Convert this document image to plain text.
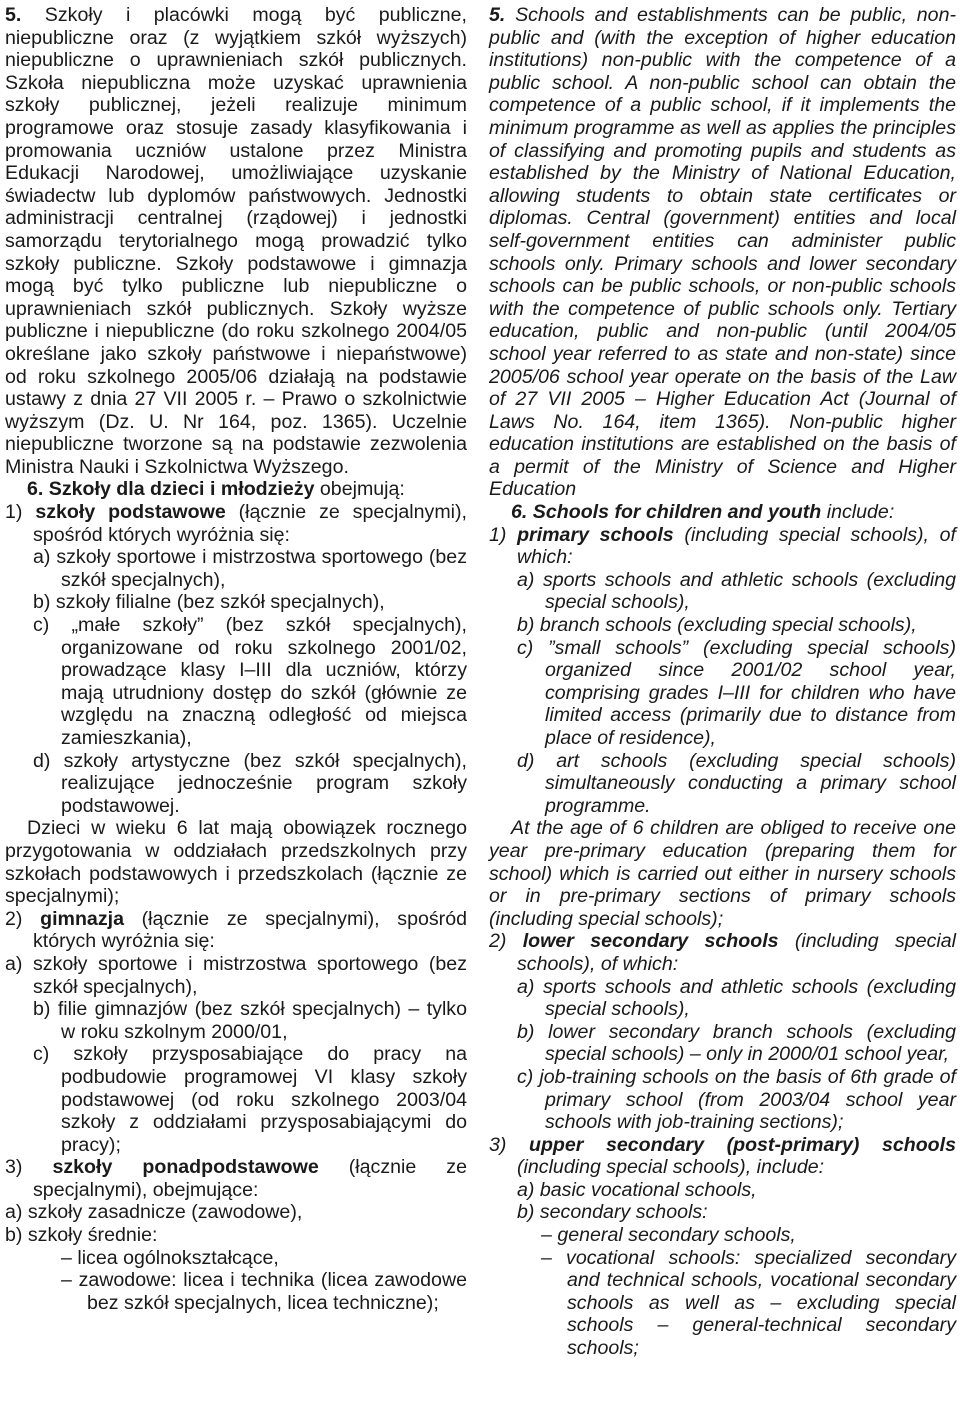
5. Szkoły i placówki mogą być publiczne, niepubliczne oraz (z wyjątkiem szkół wyższych) niepubliczne o uprawnieniach szkół publicznych. Szkoła niepubliczna może uzyskać uprawnienia szkoły publicznej, jeżeli realizuje minimum programowe oraz stosuje zasady klasyfikowania i promowania uczniów ustalone przez Ministra Edukacji Narodowej, umożliwiające uzyskanie świadectw lub dyplomów państwowych. Jednostki administracji centralnej (rządowej) i jednostki samorządu terytorialnego mogą prowadzić tylko szkoły publiczne. Szkoły podstawowe i gimnazja mogą być tylko publiczne lub niepubliczne o uprawnieniach szkół publicznych. Szkoły wyższe publiczne i niepubliczne (do roku szkolnego 2004/05 określane jako szkoły państwowe i niepaństwowe) od roku szkolnego 2005/06 działają na podstawie ustawy z dnia 27 VII 2005 r. – Prawo o szkolnictwie wyższym (Dz. U. Nr 164, poz. 1365). Uczelnie niepubliczne tworzone są na podstawie zezwolenia Ministra Nauki i Szkolnictwa Wyższego.

6. Szkoły dla dzieci i młodzieży obejmują:

1) szkoły podstawowe (łącznie ze specjalnymi), spośród których wyróżnia się:

a) szkoły sportowe i mistrzostwa sportowego (bez szkół specjalnych),

b) szkoły filialne (bez szkół specjalnych),

c) „małe szkoły” (bez szkół specjalnych), organizowane od roku szkolnego 2001/02, prowadzące klasy I–III dla uczniów, którzy mają utrudniony dostęp do szkół (głównie ze względu na znaczną odległość od miejsca zamieszkania),

d) szkoły artystyczne (bez szkół specjalnych), realizujące jednocześnie program szkoły podstawowej.

Dzieci w wieku 6 lat mają obowiązek rocznego przygotowania w oddziałach przedszkolnych przy szkołach podstawowych i przedszkolach (łącznie ze specjalnymi);

2) gimnazja (łącznie ze specjalnymi), spośród których wyróżnia się:

a) szkoły sportowe i mistrzostwa sportowego (bez szkół specjalnych),

b) filie gimnazjów (bez szkół specjalnych) – tylko w roku szkolnym 2000/01,

c) szkoły przysposabiające do pracy na podbudowie programowej VI klasy szkoły podstawowej (od roku szkolnego 2003/04 szkoły z oddziałami przysposabiającymi do pracy);

3) szkoły ponadpodstawowe (łącznie ze specjalnymi), obejmujące:

a) szkoły zasadnicze (zawodowe),

b) szkoły średnie:

– licea ogólnokształcące,

– zawodowe: licea i technika (licea zawodowe bez szkół specjalnych, licea techniczne);

5. Schools and establishments can be public, non-public and (with the exception of higher education institutions) non-public with the competence of a public school. A non-public school can obtain the competence of a public school, if it implements the minimum programme as well as applies the principles of classifying and promoting pupils and students as established by the Ministry of National Education, allowing students to obtain state certificates or diplomas. Central (government) entities and local self-government entities can administer public schools only. Primary schools and lower secondary schools can be public schools, or non-public schools with the competence of public schools only. Tertiary education, public and non-public (until 2004/05 school year referred to as state and non-state) since 2005/06 school year operate on the basis of the Law of 27 VII 2005 – Higher Education Act (Journal of Laws No. 164, item 1365). Non-public higher education institutions are established on the basis of a permit of the Ministry of Science and Higher Education

6. Schools for children and youth include:

1) primary schools (including special schools), of which:

a) sports schools and athletic schools (excluding special schools),

b) branch schools (excluding special schools),

c) ”small schools” (excluding special schools) organized since 2001/02 school year, comprising grades I–III for children who have limited access (primarily due to distance from place of residence),

d) art schools (excluding special schools) simultaneously conducting a primary school programme.

At the age of 6 children are obliged to receive one year pre-primary education (preparing them for school) which is carried out either in nursery schools or in pre-primary sections of primary schools (including special schools);

2) lower secondary schools (including special schools), of which:

a) sports schools and athletic schools (excluding special schools),

b) lower secondary branch schools (excluding special schools) – only in 2000/01 school year,

c) job-training schools on the basis of 6th grade of primary school (from 2003/04 school year schools with job-training sections);

3) upper secondary (post-primary) schools (including special schools), include:

a) basic vocational schools,

b) secondary schools:

– general secondary schools,

– vocational schools: specialized secondary and technical schools, vocational secondary schools as well as – excluding special schools – general-technical secondary schools;
